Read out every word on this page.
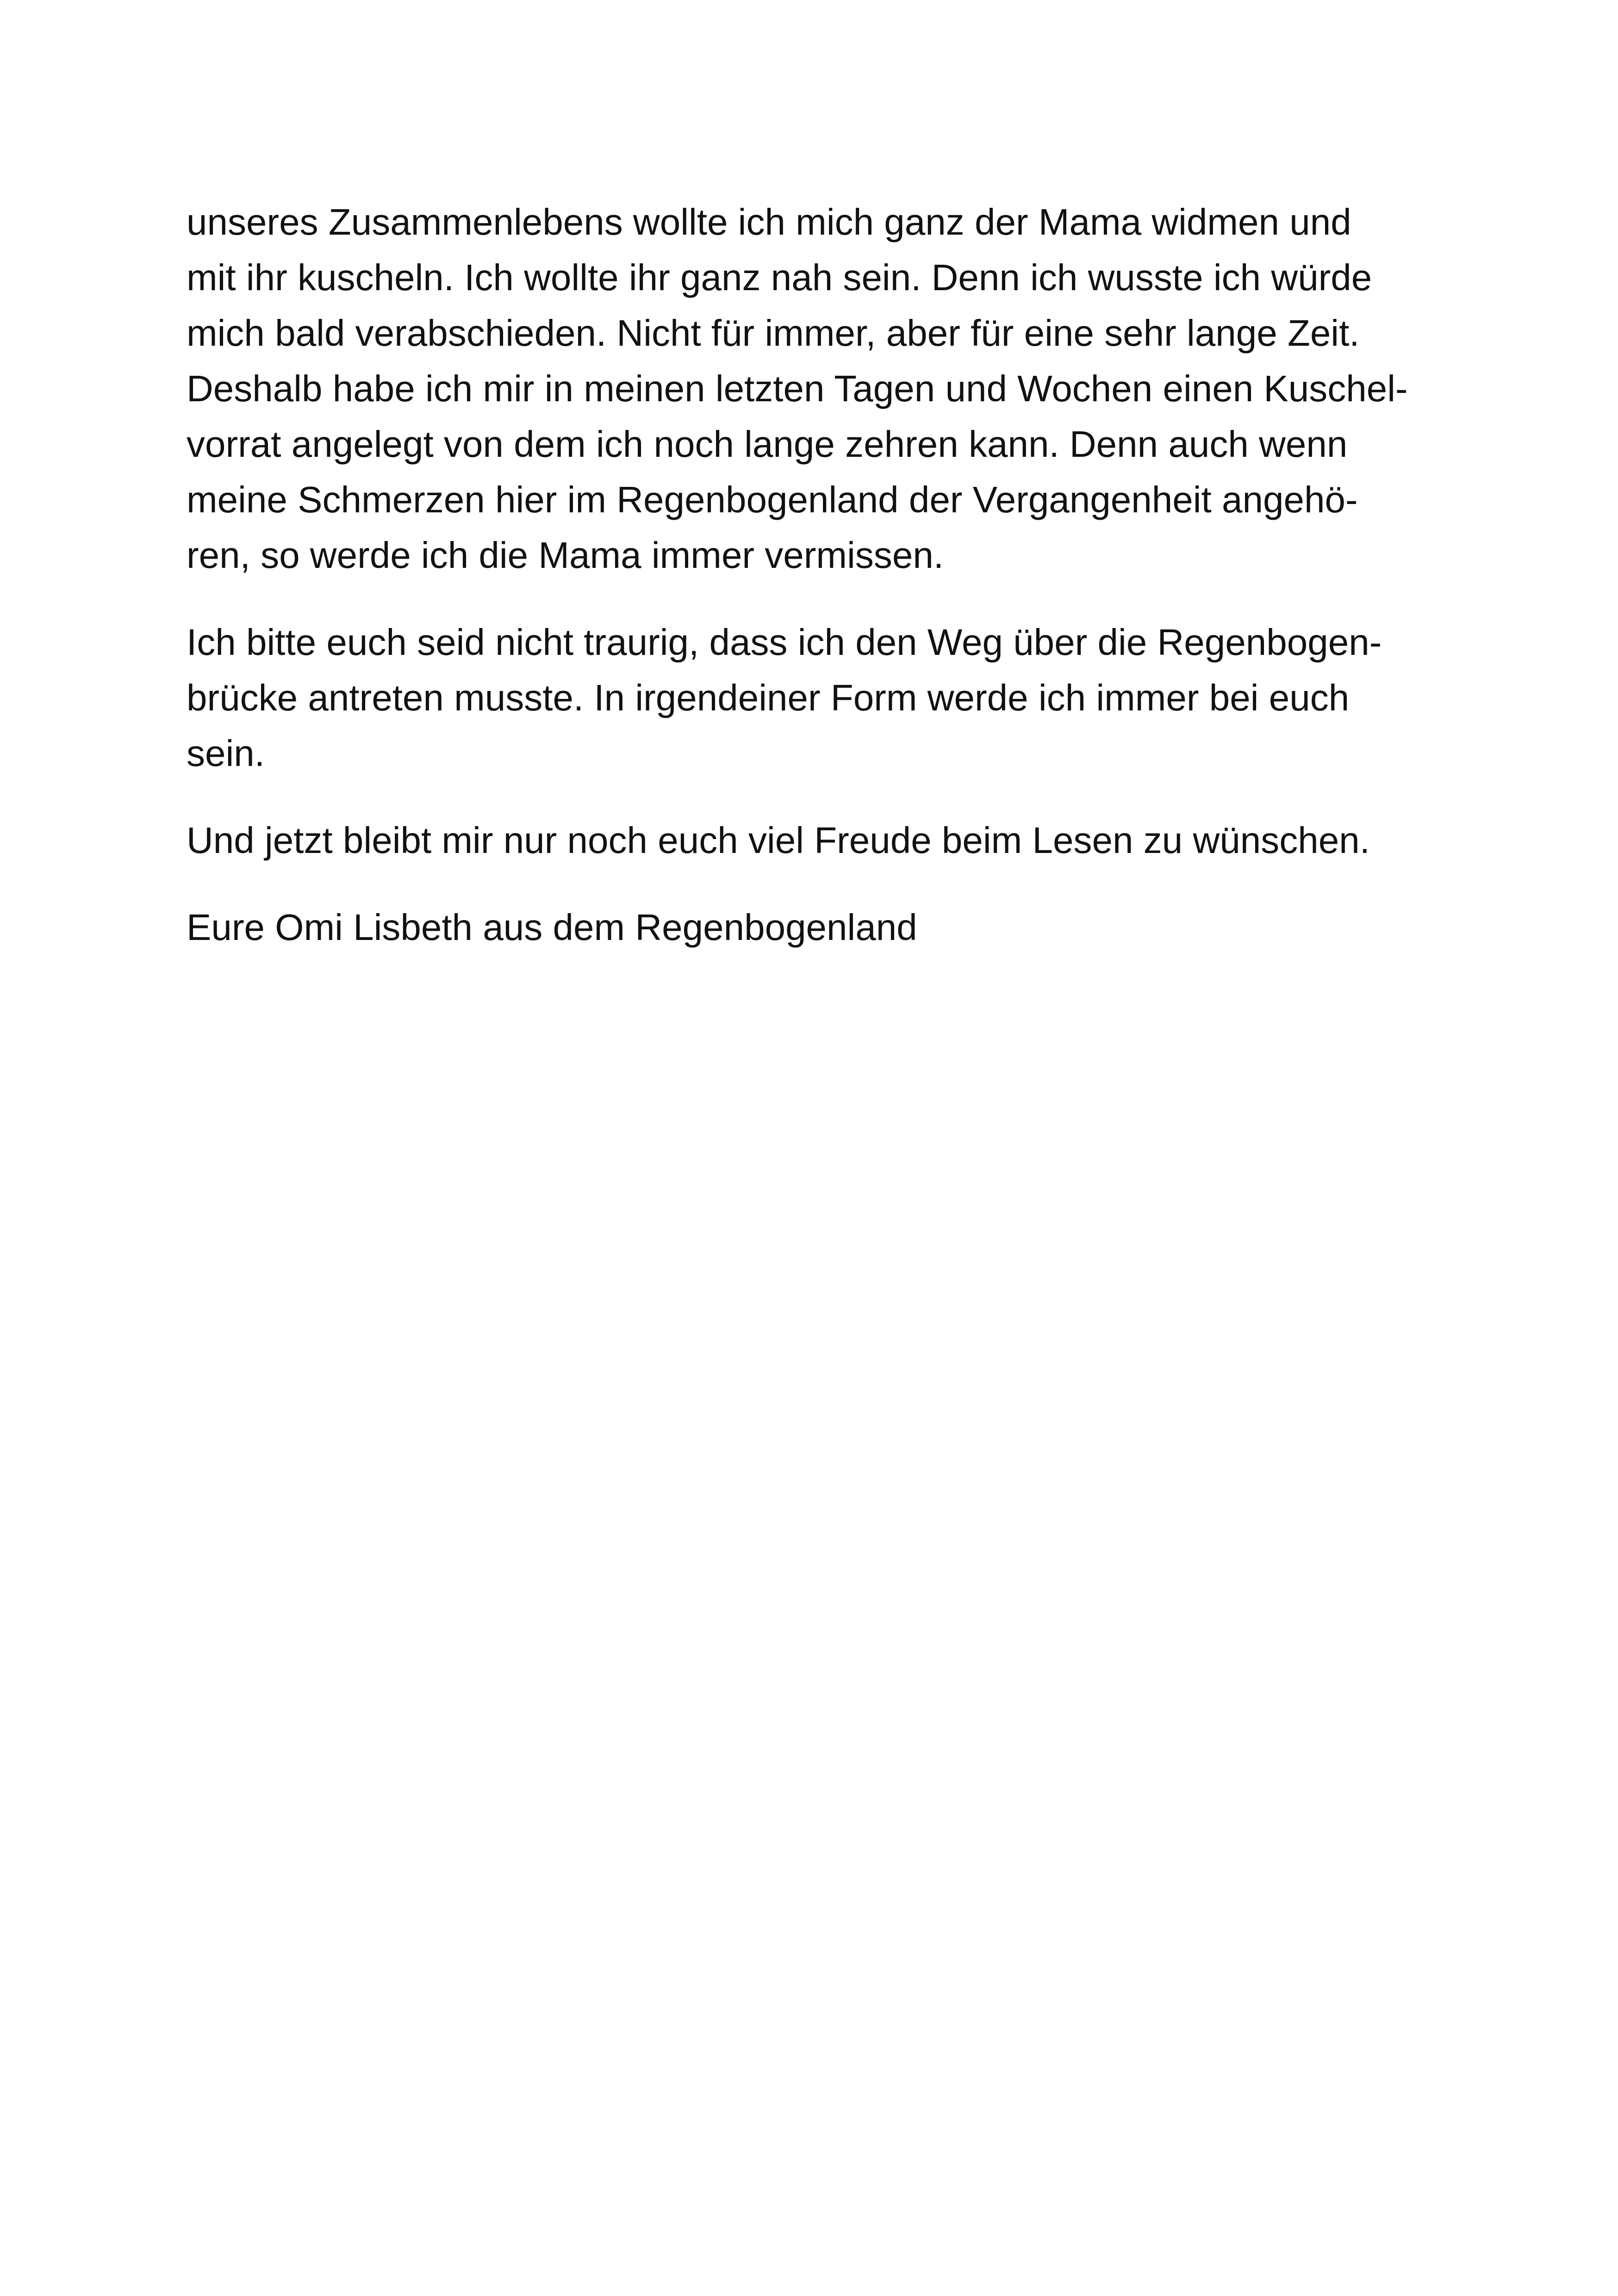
unseres Zusammenlebens wollte ich mich ganz der Mama widmen und
mit ihr kuscheln. Ich wollte ihr ganz nah sein. Denn ich wusste ich würde
mich bald verabschieden. Nicht für immer, aber für eine sehr lange Zeit.
Deshalb habe ich mir in meinen letzten Tagen und Wochen einen Kuschel-
vorrat angelegt von dem ich noch lange zehren kann. Denn auch wenn
meine Schmerzen hier im Regenbogenland der Vergangenheit angehö-
ren, so werde ich die Mama immer vermissen.

Ich bitte euch seid nicht traurig, dass ich den Weg über die Regenbogen-
brücke antreten musste. In irgendeiner Form werde ich immer bei euch
sein.

Und jetzt bleibt mir nur noch euch viel Freude beim Lesen zu wünschen.

Eure Omi Lisbeth aus dem Regenbogenland
